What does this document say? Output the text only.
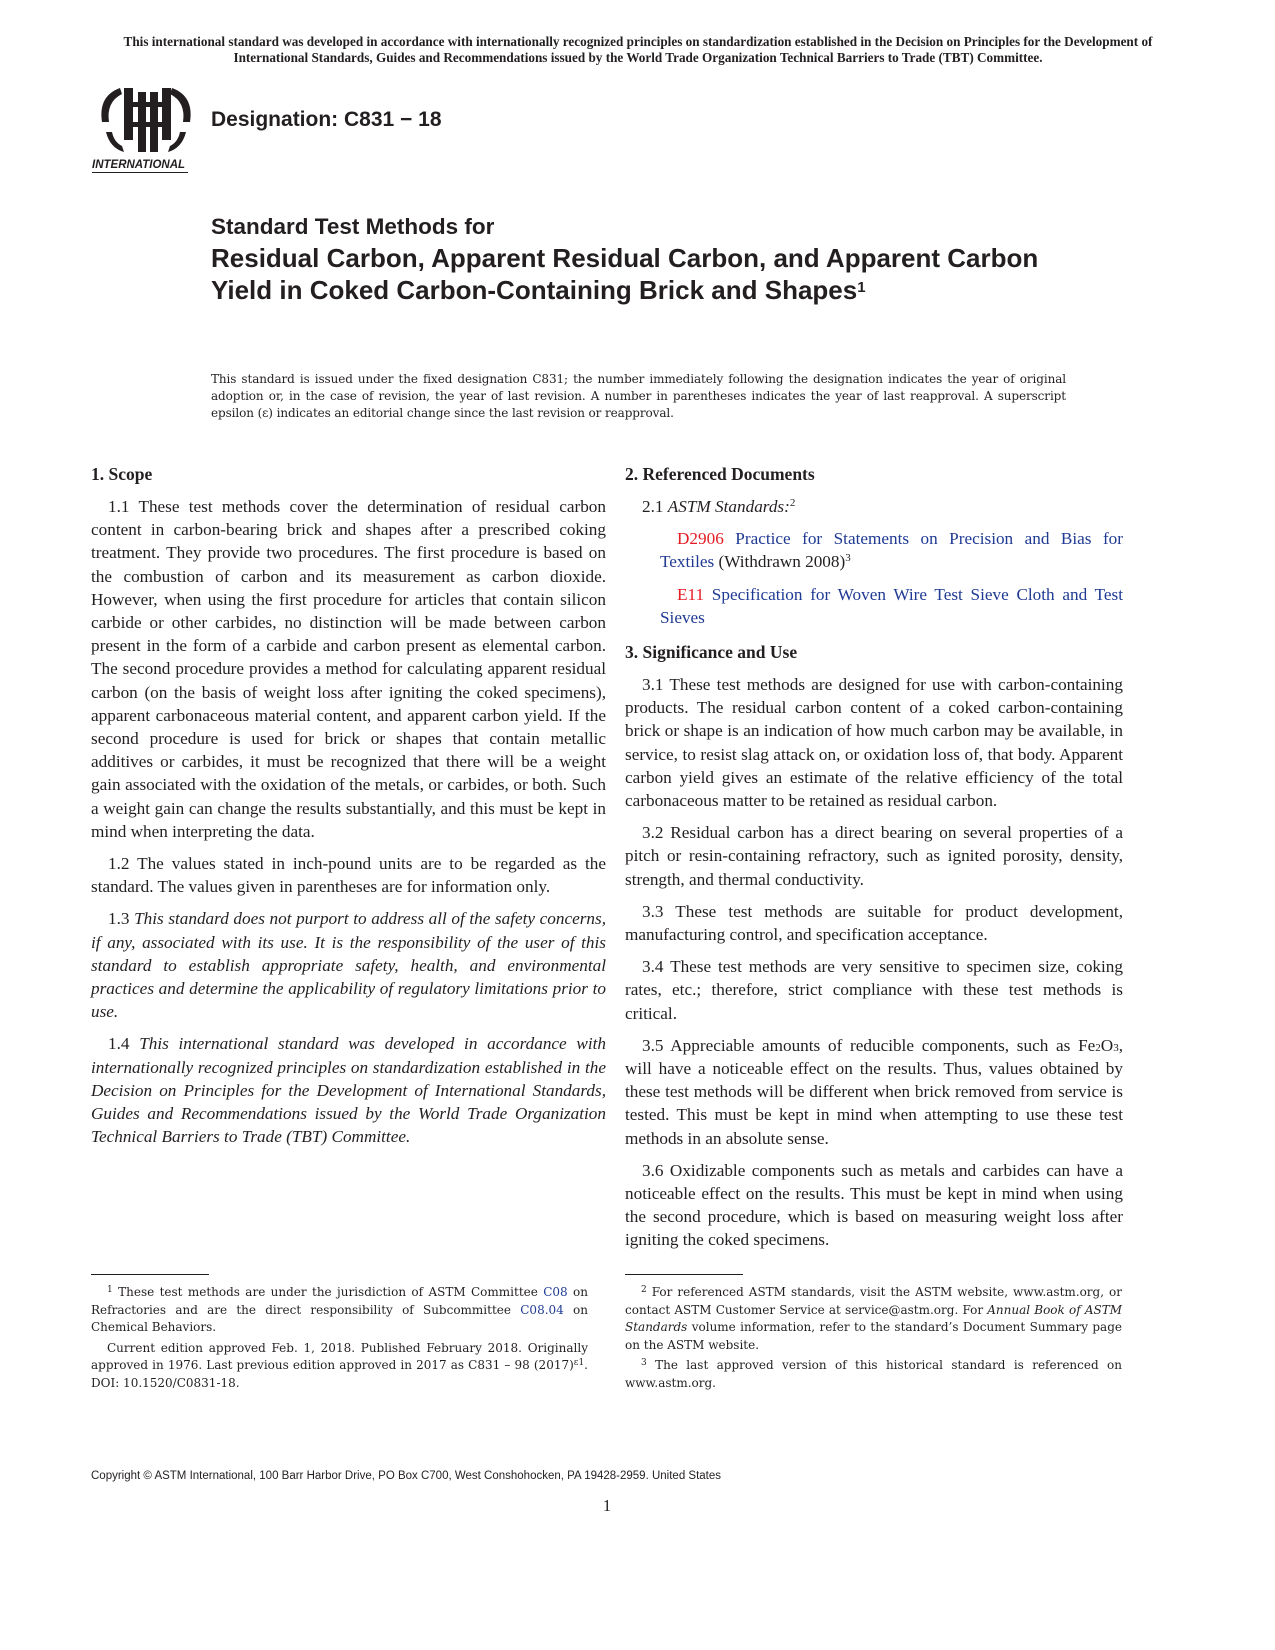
This international standard was developed in accordance with internationally recognized principles on standardization established in the Decision on Principles for the Development of International Standards, Guides and Recommendations issued by the World Trade Organization Technical Barriers to Trade (TBT) Committee.
INTERNATIONAL
Designation: C831 − 18
Standard Test Methods for
Residual Carbon, Apparent Residual Carbon, and Apparent Carbon Yield in Coked Carbon-Containing Brick and Shapes$^1$
This standard is issued under the fixed designation C831; the number immediately following the designation indicates the year of original adoption or, in the case of revision, the year of last revision. A number in parentheses indicates the year of last reapproval. A superscript epsilon (ε) indicates an editorial change since the last revision or reapproval.
1. Scope

1.1 These test methods cover the determination of residual carbon content in carbon-bearing brick and shapes after a prescribed coking treatment. They provide two procedures. The first procedure is based on the combustion of carbon and its measurement as carbon dioxide. However, when using the first procedure for articles that contain silicon carbide or other carbides, no distinction will be made between carbon present in the form of a carbide and carbon present as elemental carbon. The second procedure provides a method for calculating apparent residual carbon (on the basis of weight loss after igniting the coked specimens), apparent carbonaceous material content, and apparent carbon yield. If the second procedure is used for brick or shapes that contain metallic additives or carbides, it must be recognized that there will be a weight gain associated with the oxidation of the metals, or carbides, or both. Such a weight gain can change the results substantially, and this must be kept in mind when interpreting the data.

1.2 The values stated in inch-pound units are to be regarded as the standard. The values given in parentheses are for information only.

1.3 This standard does not purport to address all of the safety concerns, if any, associated with its use. It is the responsibility of the user of this standard to establish appropriate safety, health, and environmental practices and determine the applicability of regulatory limitations prior to use.

1.4 This international standard was developed in accordance with internationally recognized principles on standardization established in the Decision on Principles for the Development of International Standards, Guides and Recommendations issued by the World Trade Organization Technical Barriers to Trade (TBT) Committee.

2. Referenced Documents

2.1 ASTM Standards:$^2$

D2906 Practice for Statements on Precision and Bias for Textiles (Withdrawn 2008)$^3$

E11 Specification for Woven Wire Test Sieve Cloth and Test Sieves

3. Significance and Use

3.1 These test methods are designed for use with carbon-containing products. The residual carbon content of a coked carbon-containing brick or shape is an indication of how much carbon may be available, in service, to resist slag attack on, or oxidation loss of, that body. Apparent carbon yield gives an estimate of the relative efficiency of the total carbonaceous matter to be retained as residual carbon.

3.2 Residual carbon has a direct bearing on several properties of a pitch or resin-containing refractory, such as ignited porosity, density, strength, and thermal conductivity.

3.3 These test methods are suitable for product development, manufacturing control, and specification acceptance.

3.4 These test methods are very sensitive to specimen size, coking rates, etc.; therefore, strict compliance with these test methods is critical.

3.5 Appreciable amounts of reducible components, such as $Fe_2O_3$, will have a noticeable effect on the results. Thus, values obtained by these test methods will be different when brick removed from service is tested. This must be kept in mind when attempting to use these test methods in an absolute sense.

3.6 Oxidizable components such as metals and carbides can have a noticeable effect on the results. This must be kept in mind when using the second procedure, which is based on measuring weight loss after igniting the coked specimens.

$^1$ These test methods are under the jurisdiction of ASTM Committee C08 on Refractories and are the direct responsibility of Subcommittee C08.04 on Chemical Behaviors.

Current edition approved Feb. 1, 2018. Published February 2018. Originally approved in 1976. Last previous edition approved in 2017 as C831 – 98 $(2017)^{\varepsilon 1}$. DOI: 10.1520/C0831-18.

$^2$ For referenced ASTM standards, visit the ASTM website, www.astm.org, or contact ASTM Customer Service at service@astm.org. For Annual Book of ASTM Standards volume information, refer to the standard’s Document Summary page on the ASTM website.

$^3$ The last approved version of this historical standard is referenced on www.astm.org.

Copyright © ASTM International, 100 Barr Harbor Drive, PO Box C700, West Conshohocken, PA 19428-2959. United States
1
